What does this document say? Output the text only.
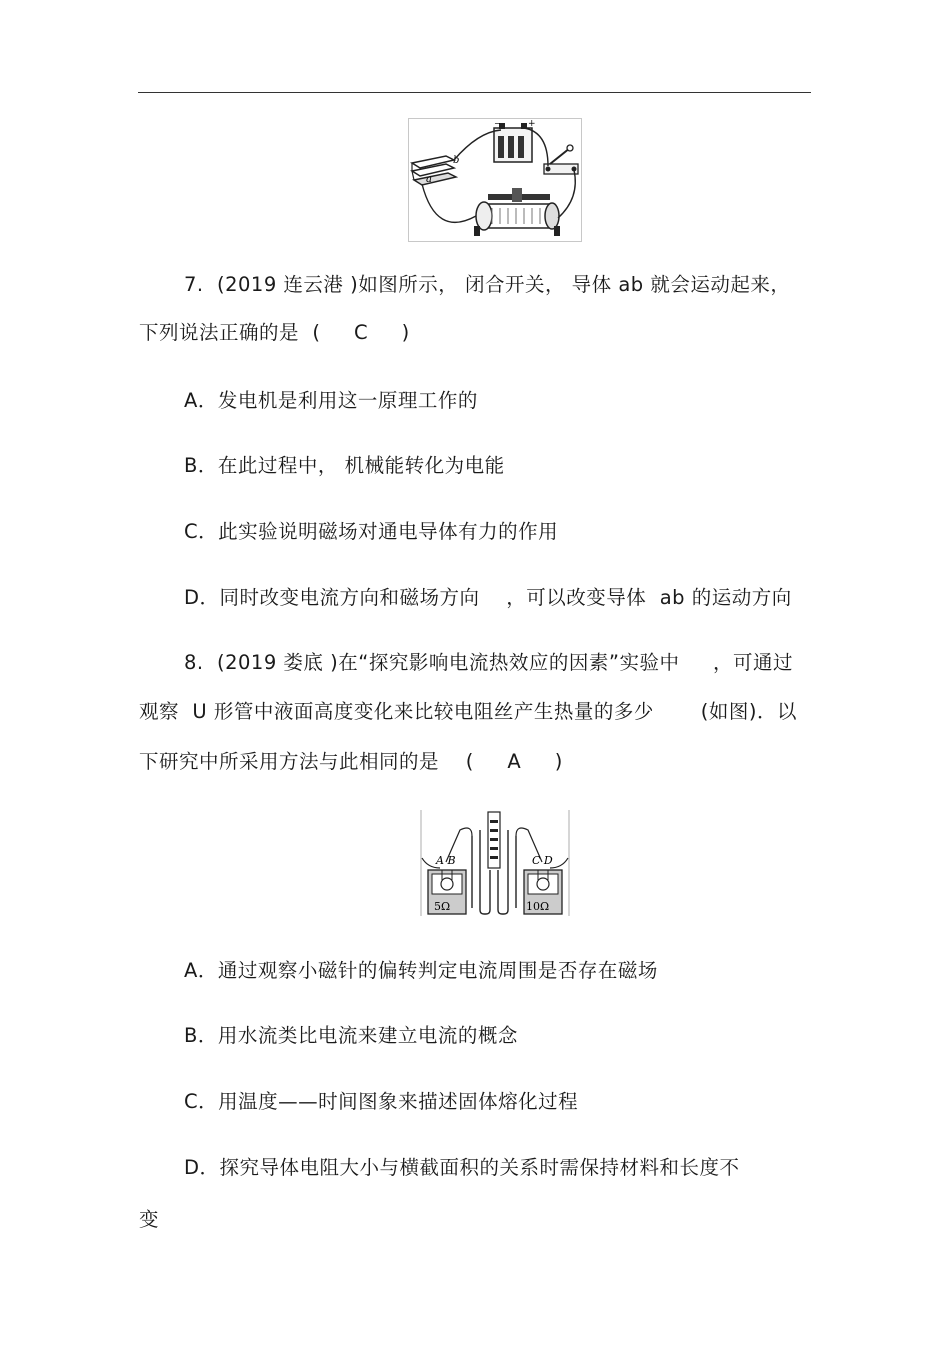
−	+
b
a
7.  (2019 连云港 )如图所示， 闭合开关， 导体 ab 就会运动起来，
下列说法正确的是  (     C     )
A．发电机是利用这一原理工作的
B．在此过程中， 机械能转化为电能
C．此实验说明磁场对通电导体有力的作用
D．同时改变电流方向和磁场方向    ，可以改变导体  ab 的运动方向
8.  (2019 娄底 )在“探究影响电流热效应的因素”实验中     ，可通过
观察  U 形管中液面高度变化来比较电阻丝产生热量的多少       (如图)．以
下研究中所采用方法与此相同的是    (     A     )
A B	C D
5Ω	10Ω
A．通过观察小磁针的偏转判定电流周围是否存在磁场
B．用水流类比电流来建立电流的概念
C．用温度——时间图象来描述固体熔化过程
D．探究导体电阻大小与横截面积的关系时需保持材料和长度不
变
